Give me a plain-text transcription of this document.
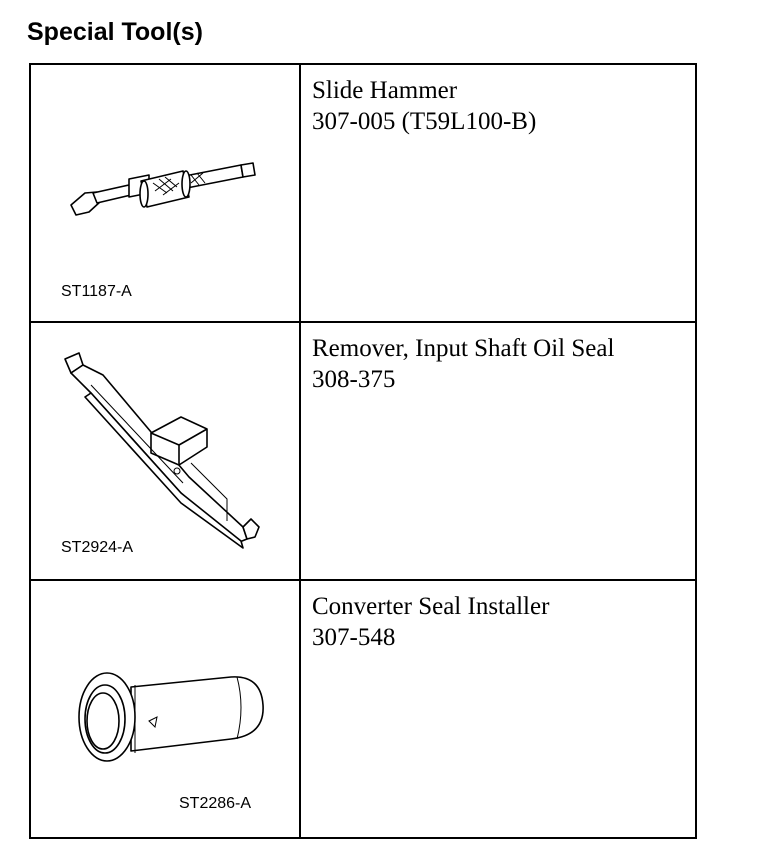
Special Tool(s)
ST1187-A	Slide Hammer
307-005 (T59L100-B)

ST2924-A	Remover, Input Shaft Oil Seal
308-375

ST2286-A	Converter Seal Installer
307-548
